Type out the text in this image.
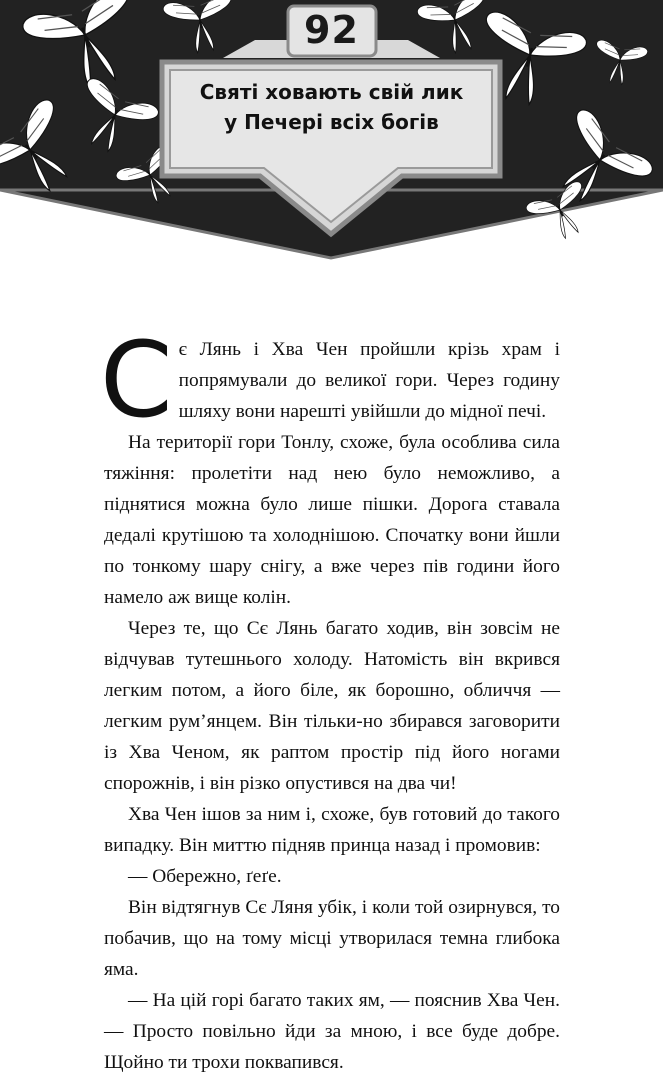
92
Святі ховають свій лик
у Печері всіх богів

Сє Лянь і Хва Чен пройшли крізь храм і попрямували до великої гори. Через годину шляху вони нарешті увійшли до мідної печі.

На території гори Тонлу, схоже, була особлива сила тяжіння: пролетіти над нею було неможливо, а піднятися можна було лише пішки. Дорога ставала дедалі крутішою та холоднішою. Спочатку вони йшли по тонкому шару снігу, а вже через пів години його намело аж вище колін.

Через те, що Сє Лянь багато ходив, він зовсім не відчував тутешнього холоду. Натомість він вкрився легким потом, а його біле, як борошно, обличчя — легким рум’янцем. Він тільки-но збирався заговорити із Хва Ченом, як раптом простір під його ногами спорожнів, і він різко опустився на два чи!

Хва Чен ішов за ним і, схоже, був готовий до такого випадку. Він миттю підняв принца назад і промовив:

— Обережно, ґеґе.

Він відтягнув Сє Ляня убік, і коли той озирнувся, то побачив, що на тому місці утворилася темна глибока яма.

— На цій горі багато таких ям, — пояснив Хва Чен. — Просто повільно йди за мною, і все буде добре. Щойно ти трохи поквапився.
